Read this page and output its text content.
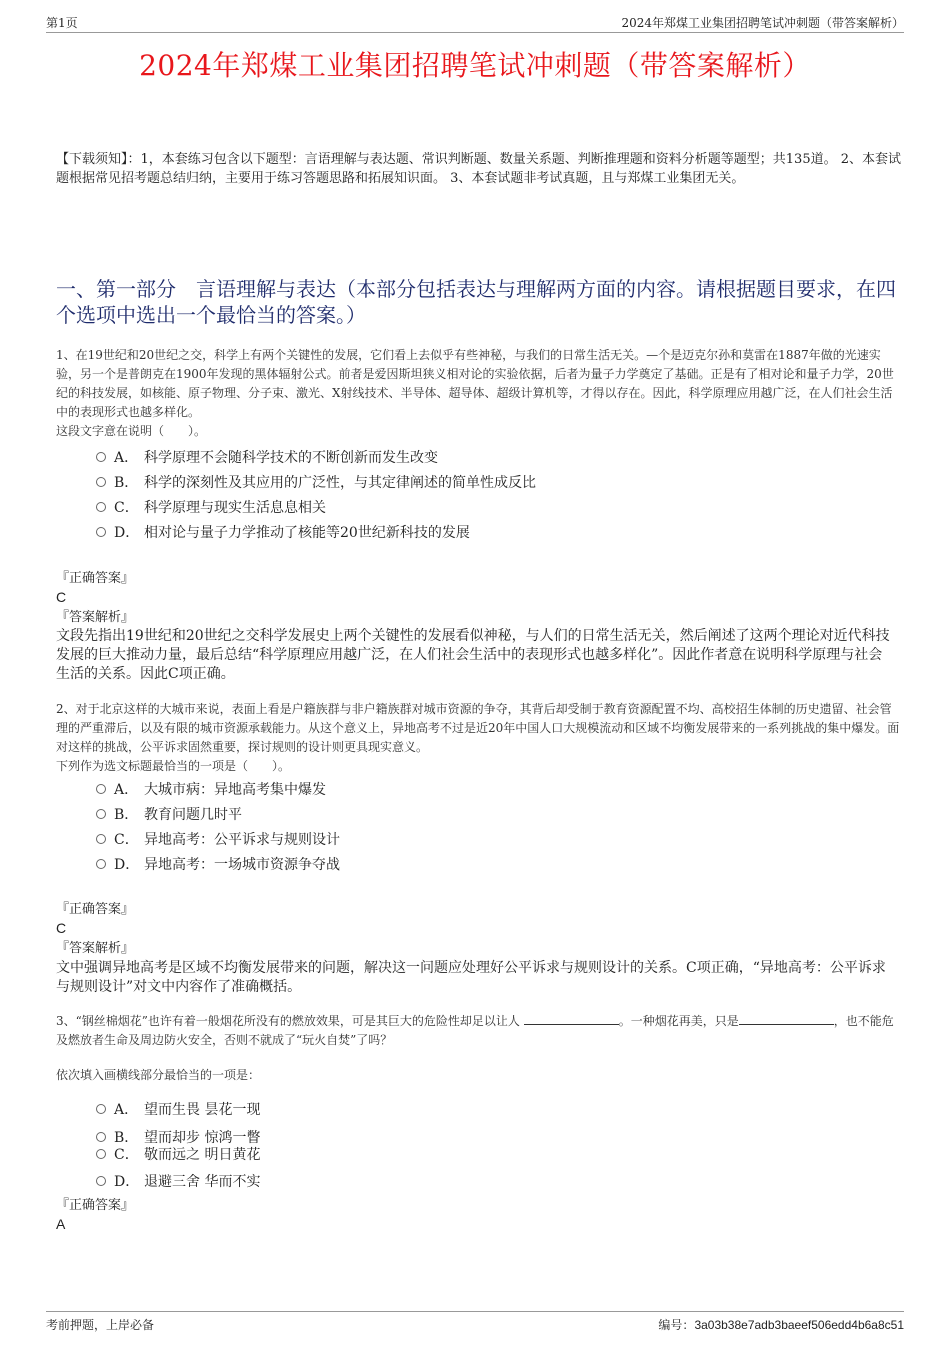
第1页	2024年郑煤工业集团招聘笔试冲刺题（带答案解析）
2024年郑煤工业集团招聘笔试冲刺题（带答案解析）
【下载须知】：1，本套练习包含以下题型：言语理解与表达题、常识判断题、数量关系题、判断推理题和资料分析题等题型；共135道。 2、本套试题根据常见招考题总结归纳，主要用于练习答题思路和拓展知识面。 3、本套试题非考试真题，且与郑煤工业集团无关。
一、第一部分　言语理解与表达（本部分包括表达与理解两方面的内容。请根据题目要求，在四个选项中选出一个最恰当的答案。）
1、在19世纪和20世纪之交，科学上有两个关键性的发展，它们看上去似乎有些神秘，与我们的日常生活无关。—个是迈克尔孙和莫雷在1887年做的光速实验，另一个是普朗克在1900年发现的黑体辐射公式。前者是爱因斯坦狭义相对论的实验依据，后者为量子力学奠定了基础。正是有了相对论和量子力学，20世纪的科技发展，如核能、原子物理、分子束、激光、X射线技术、半导体、超导体、超级计算机等，才得以存在。因此，科学原理应用越广泛，在人们社会生活中的表现形式也越多样化。
这段文字意在说明（　　）。
A． 科学原理不会随科学技术的不断创新而发生改变
B． 科学的深刻性及其应用的广泛性，与其定律阐述的简单性成反比
C． 科学原理与现实生活息息相关
D． 相对论与量子力学推动了核能等20世纪新科技的发展
『正确答案』
C
『答案解析』
文段先指出19世纪和20世纪之交科学发展史上两个关键性的发展看似神秘，与人们的日常生活无关，然后阐述了这两个理论对近代科技发展的巨大推动力量，最后总结“科学原理应用越广泛，在人们社会生活中的表现形式也越多样化”。因此作者意在说明科学原理与社会生活的关系。因此C项正确。
2、对于北京这样的大城市来说，表面上看是户籍族群与非户籍族群对城市资源的争夺，其背后却受制于教育资源配置不均、高校招生体制的历史遗留、社会管理的严重滞后，以及有限的城市资源承载能力。从这个意义上，异地高考不过是近20年中国人口大规模流动和区域不均衡发展带来的一系列挑战的集中爆发。面对这样的挑战，公平诉求固然重要，探讨规则的设计则更具现实意义。
下列作为选文标题最恰当的一项是（　　）。
A． 大城市病：异地高考集中爆发
B． 教育问题几时平
C． 异地高考：公平诉求与规则设计
D． 异地高考：一场城市资源争夺战
『正确答案』
C
『答案解析』
文中强调异地高考是区域不均衡发展带来的问题，解决这一问题应处理好公平诉求与规则设计的关系。C项正确，“异地高考：公平诉求与规则设计”对文中内容作了准确概括。
3、“钢丝棉烟花”也许有着一般烟花所没有的燃放效果，可是其巨大的危险性却足以让人	。一种烟花再美，只是	，也不能危及燃放者生命及周边防火安全，否则不就成了“玩火自焚”了吗？
依次填入画横线部分最恰当的一项是：
A． 望而生畏 昙花一现
B． 望而却步 惊鸿一瞥
C． 敬而远之 明日黄花
D． 退避三舍 华而不实
『正确答案』
A
考前押题，上岸必备	编号：3a03b38e7adb3baeef506edd4b6a8c51
